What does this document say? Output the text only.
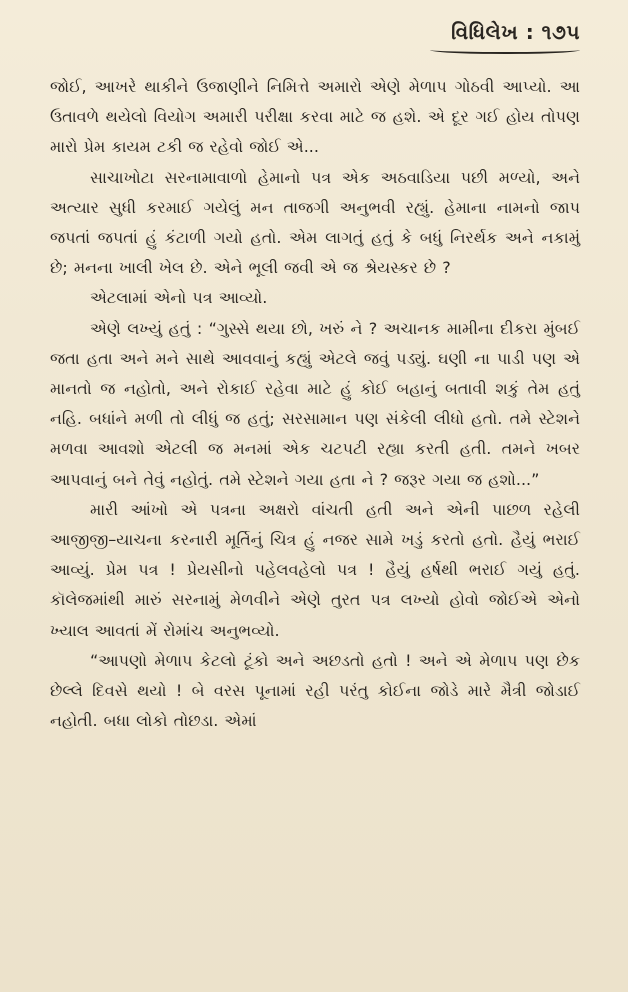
વિધિલેખ : ૧૭૫

જોઈ, આખરે થાકીને ઉજાણીને નિમિત્તે અમારો એણે મેળાપ ગોઠવી આપ્યો. આ ઉતાવળે થયેલો વિયોગ અમારી પરીક્ષા કરવા માટે જ હશે. એ દૂર ગઈ હોય તોપણ મારો પ્રેમ કાયમ ટકી જ રહેવો જોઈ એ...

સાચાખોટા સરનામાવાળો હેમાનો પત્ર એક અઠવાડિયા પછી મળ્યો, અને અત્યાર સુધી કરમાઈ ગયેલું મન તાજગી અનુભવી રહ્યું. હેમાના નામનો જાપ જપતાં જપતાં હું કંટાળી ગયો હતો. એમ લાગતું હતું કે બધું નિરર્થક અને નકામું છે; મનના ખાલી ખેલ છે. એને ભૂલી જવી એ જ શ્રેયસ્કર છે ?

એટલામાં એનો પત્ર આવ્યો.

એણે લખ્યું હતું : “ગુસ્સે થયા છો, ખરું ને ? અચાનક મામીના દીકરા મુંબઈ જતા હતા અને મને સાથે આવવાનું કહ્યું એટલે જવું પડ્યું. ઘણી ના પાડી પણ એ માનતો જ નહોતો, અને રોકાઈ રહેવા માટે હું કોઈ બહાનું બતાવી શકું તેમ હતું નહિ. બધાંને મળી તો લીધું જ હતું; સરસામાન પણ સંકેલી લીધો હતો. તમે સ્ટેશને મળવા આવશો એટલી જ મનમાં એક ચટપટી રહ્યા કરતી હતી. તમને ખબર આપવાનું બને તેવું નહોતું. તમે સ્ટેશને ગયા હતા ને ? જરૂર ગયા જ હશો...”

મારી આંખો એ પત્રના અક્ષરો વાંચતી હતી અને એની પાછળ રહેલી આજીજી–યાચના કરનારી મૂર્તિનું ચિત્ર હું નજર સામે ખડું કરતો હતો. હૈયું ભરાઈ આવ્યું. પ્રેમ પત્ર ! પ્રેયસીનો પહેલવહેલો પત્ર ! હૈયું હર્ષથી ભરાઈ ગયું હતું. કૉલેજમાંથી મારું સરનામું મેળવીને એણે તુરત પત્ર લખ્યો હોવો જોઈએ એનો ખ્યાલ આવતાં મેં રોમાંચ અનુભવ્યો.

“આપણો મેળાપ કેટલો ટૂંકો અને અછડતો હતો ! અને એ મેળાપ પણ છેક છેલ્લે દિવસે થયો ! બે વરસ પૂનામાં રહી પરંતુ કોઈના જોડે મારે મૈત્રી જોડાઈ નહોતી. બધા લોકો તોછડા. એમાં
